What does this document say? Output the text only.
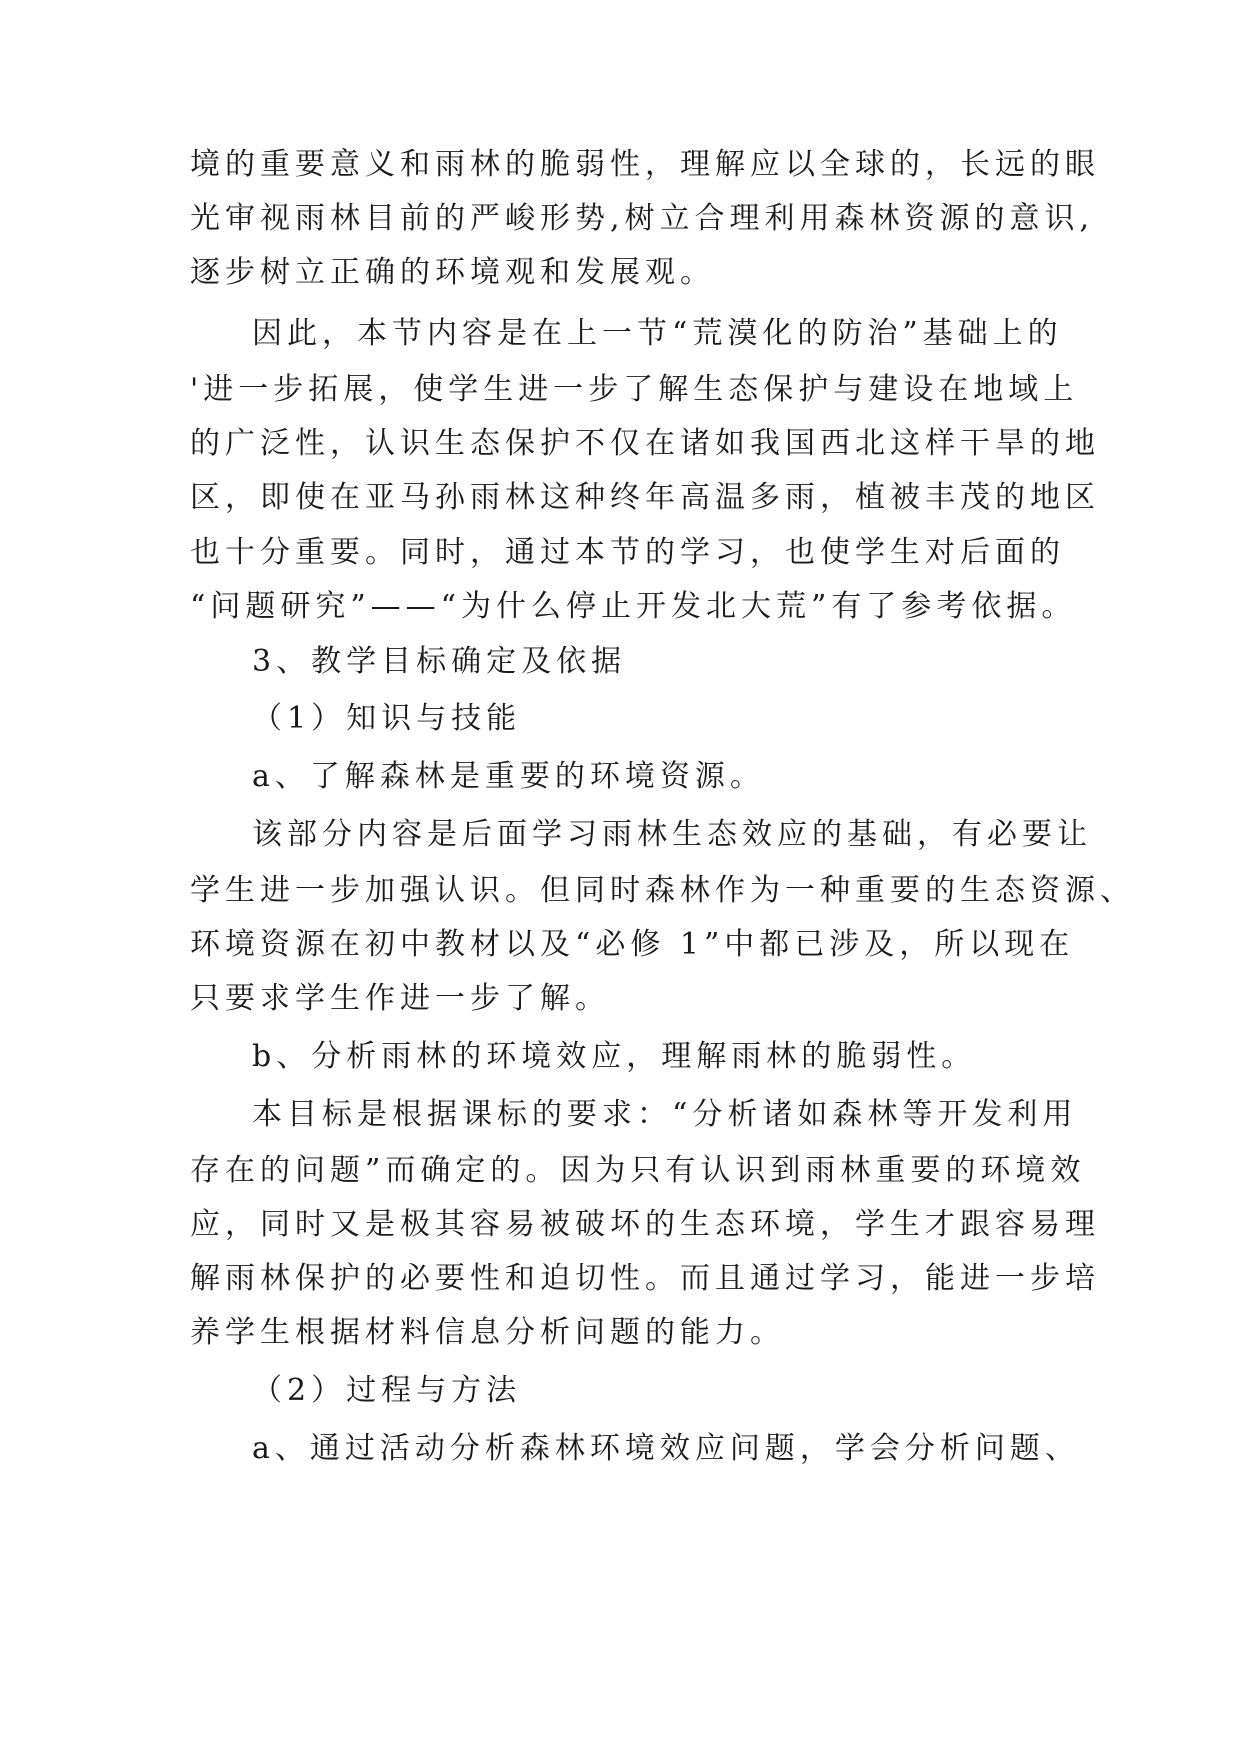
境的重要意义和雨林的脆弱性，理解应以全球的，长远的眼
光审视雨林目前的严峻形势,树立合理利用森林资源的意识,
逐步树立正确的环境观和发展观。
因此，本节内容是在上一节“荒漠化的防治”基础上的
'进一步拓展，使学生进一步了解生态保护与建设在地域上
的广泛性，认识生态保护不仅在诸如我国西北这样干旱的地
区，即使在亚马孙雨林这种终年高温多雨，植被丰茂的地区
也十分重要。同时，通过本节的学习，也使学生对后面的
“问题研究”——“为什么停止开发北大荒”有了参考依据。
3、教学目标确定及依据
（1）知识与技能
a、了解森林是重要的环境资源。
该部分内容是后面学习雨林生态效应的基础，有必要让
学生进一步加强认识。但同时森林作为一种重要的生态资源、
环境资源在初中教材以及“必修 1”中都已涉及，所以现在
只要求学生作进一步了解。
b、分析雨林的环境效应，理解雨林的脆弱性。
本目标是根据课标的要求：“分析诸如森林等开发利用
存在的问题”而确定的。因为只有认识到雨林重要的环境效
应，同时又是极其容易被破坏的生态环境，学生才跟容易理
解雨林保护的必要性和迫切性。而且通过学习，能进一步培
养学生根据材料信息分析问题的能力。
（2）过程与方法
a、通过活动分析森林环境效应问题，学会分析问题、
